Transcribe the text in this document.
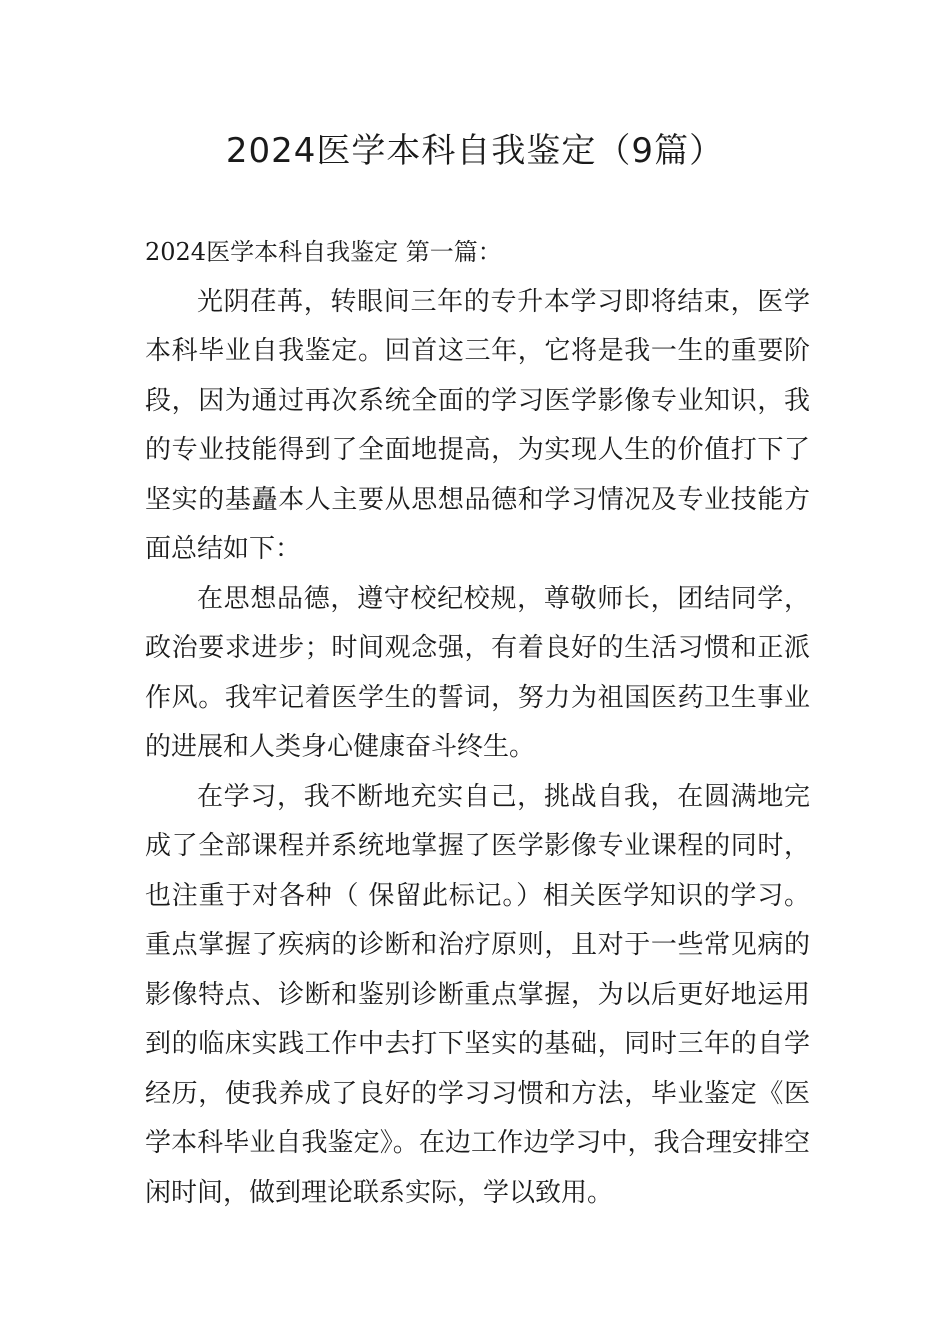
2024医学本科自我鉴定（9篇）

2024医学本科自我鉴定 第一篇：

光阴荏苒，转眼间三年的专升本学习即将结束，医学本科毕业自我鉴定。回首这三年，它将是我一生的重要阶段，因为通过再次系统全面的学习医学影像专业知识，我的专业技能得到了全面地提高，为实现人生的价值打下了坚实的基矗本人主要从思想品德和学习情况及专业技能方面总结如下：

在思想品德，遵守校纪校规，尊敬师长，团结同学，政治要求进步；时间观念强，有着良好的生活习惯和正派作风。我牢记着医学生的誓词，努力为祖国医药卫生事业的进展和人类身心健康奋斗终生。

在学习，我不断地充实自己，挑战自我，在圆满地完成了全部课程并系统地掌握了医学影像专业课程的同时，也注重于对各种（ 保留此标记。）相关医学知识的学习。重点掌握了疾病的诊断和治疗原则，且对于一些常见病的影像特点、诊断和鉴别诊断重点掌握，为以后更好地运用到的临床实践工作中去打下坚实的基础，同时三年的自学经历，使我养成了良好的学习习惯和方法，毕业鉴定《医学本科毕业自我鉴定》。在边工作边学习中，我合理安排空闲时间，做到理论联系实际，学以致用。
